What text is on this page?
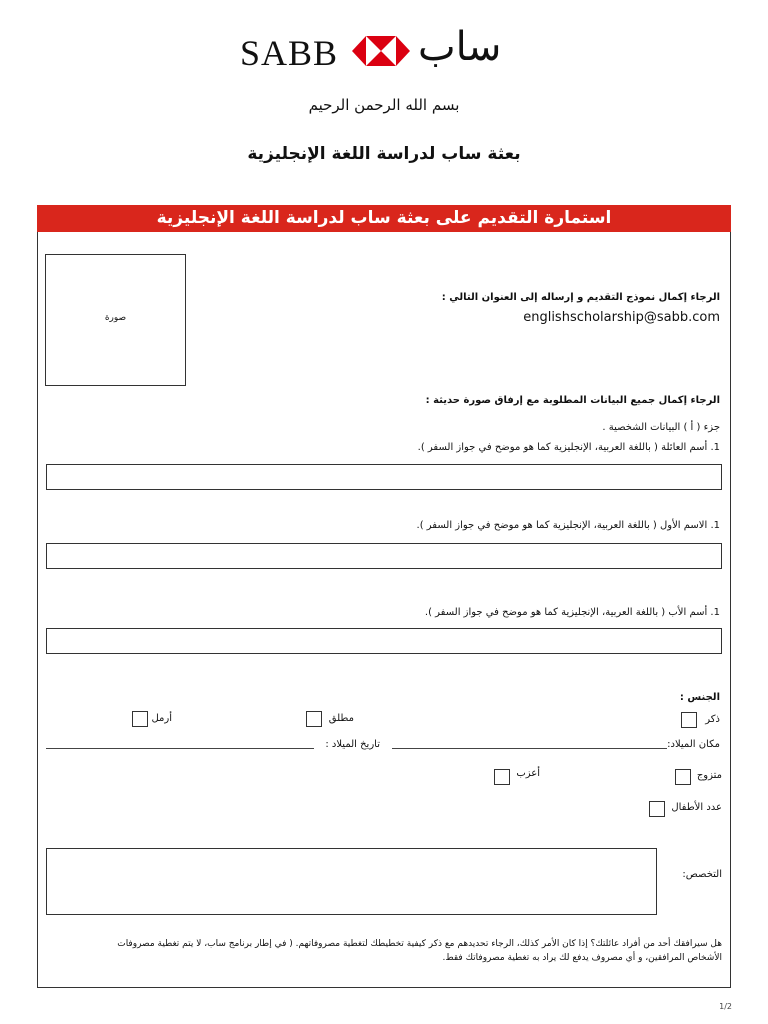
SABB ساب
بسم الله الرحمن الرحيم
بعثة ساب لدراسة اللغة الإنجليزية
استمارة التقديم على بعثة ساب لدراسة اللغة الإنجليزية
صورة
الرجاء إكمال نموذج التقديم و إرساله إلى العنوان التالي :
englishscholarship@sabb.com
الرجاء إكمال جميع البيانات المطلوبة مع إرفاق صورة حديثة :
جزء ( أ ) البيانات الشخصية .
1. أسم العائلة ( باللغة العربية، الإنجليزية كما هو موضح في جواز السفر ).
1. الاسم الأول ( باللغة العربية، الإنجليزية كما هو موضح في جواز السفر ).
1. أسم الأب ( باللغة العربية، الإنجليزية كما هو موضح في جواز السفر ).
الجنس :
ذكر
مطلق
أرمل
مكان الميلاد:
تاريخ الميلاد :
متزوج
أعزب
عدد الأطفال
التخصص:
هل سيرافقك أحد من أفراد عائلتك؟ إذا كان الأمر كذلك، الرجاء تحديدهم مع ذكر كيفية تخطيطك لتغطية مصروفاتهم. ( في إطار برنامج ساب، لا يتم تغطية مصروفات
الأشخاص المرافقين، و أي مصروف يدفع لك يراد به تغطية مصروفاتك فقط.
1/2
